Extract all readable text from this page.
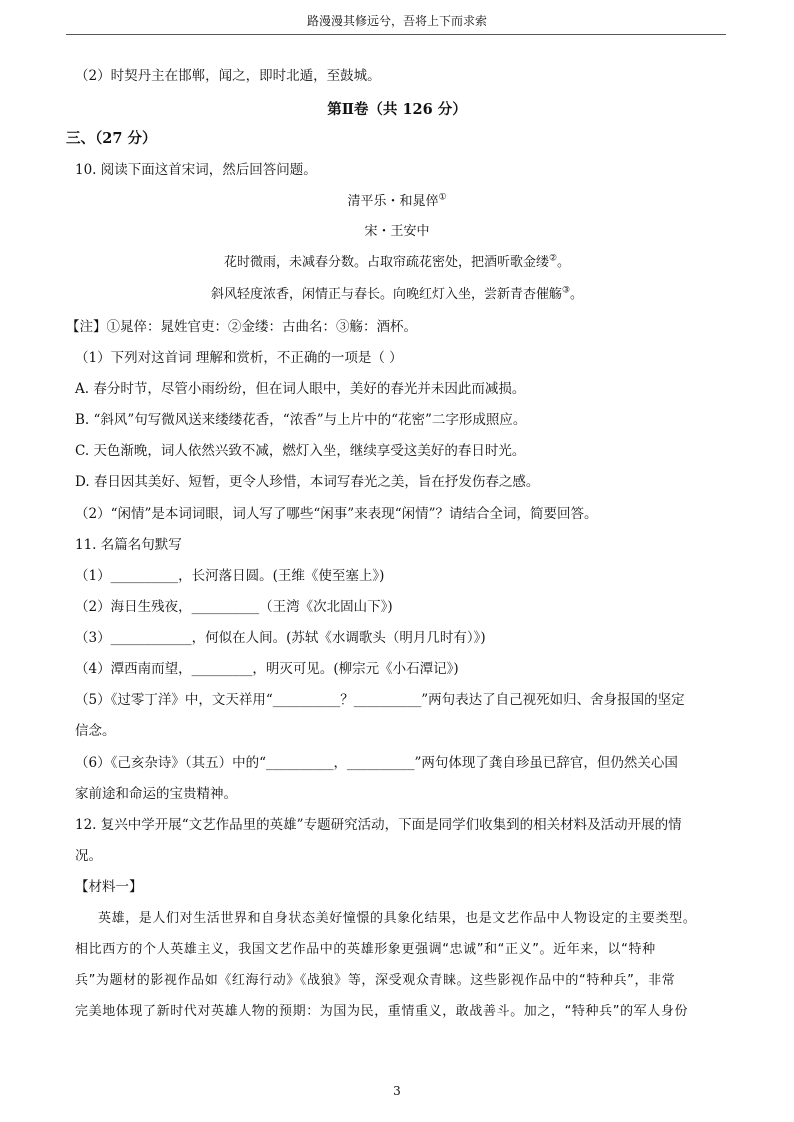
路漫漫其修远兮，吾将上下而求索
（2）时契丹主在邯郸，闻之，即时北遁，至鼓城。
第Ⅱ卷（共 126 分）
三、（27 分）
10. 阅读下面这首宋词，然后回答问题。
清平乐・和晁倅①
宋・王安中
花时微雨，未减春分数。占取帘疏花密处，把酒听歌金缕②。
斜风轻度浓香，闲情正与春长。向晚红灯入坐，尝新青杏催觞③。
【注】①晁倅：晁姓官吏：②金缕：古曲名：③觞：酒杯。
（1）下列对这首词 理解和赏析，不正确的一项是（ ）
A. 春分时节，尽管小雨纷纷，但在词人眼中，美好的春光并未因此而减损。
B. “斜风”句写微风送来缕缕花香，“浓香”与上片中的“花密”二字形成照应。
C. 天色渐晚，词人依然兴致不减，燃灯入坐，继续享受这美好的春日时光。
D. 春日因其美好、短暂，更令人珍惜，本词写春光之美，旨在抒发伤春之感。
（2）“闲情”是本词词眼，词人写了哪些“闲事”来表现“闲情”？请结合全词，简要回答。
11. 名篇名句默写
（1）__________，长河落日圆。(王维《使至塞上》)
（2）海日生残夜，__________（王湾《次北固山下》)
（3）____________，何似在人间。(苏轼《水调歌头（明月几时有）》)
（4）潭西南而望，_________，明灭可见。(柳宗元《小石潭记》)
（5）《过零丁洋》中，文天祥用“__________？__________”两句表达了自己视死如归、舍身报国的坚定
信念。
（6）《己亥杂诗》（其五）中的“__________，__________”两句体现了龚自珍虽已辞官，但仍然关心国
家前途和命运的宝贵精神。
12. 复兴中学开展“文艺作品里的英雄”专题研究活动，下面是同学们收集到的相关材料及活动开展的情
况。
【材料一】
英雄，是人们对生活世界和自身状态美好憧憬的具象化结果，也是文艺作品中人物设定的主要类型。
相比西方的个人英雄主义，我国文艺作品中的英雄形象更强调“忠诚”和“正义”。近年来，以“特种
兵”为题材的影视作品如《红海行动》《战狼》等，深受观众青睐。这些影视作品中的“特种兵”，非常
完美地体现了新时代对英雄人物的预期：为国为民，重情重义，敢战善斗。加之，“特种兵”的军人身份
3
